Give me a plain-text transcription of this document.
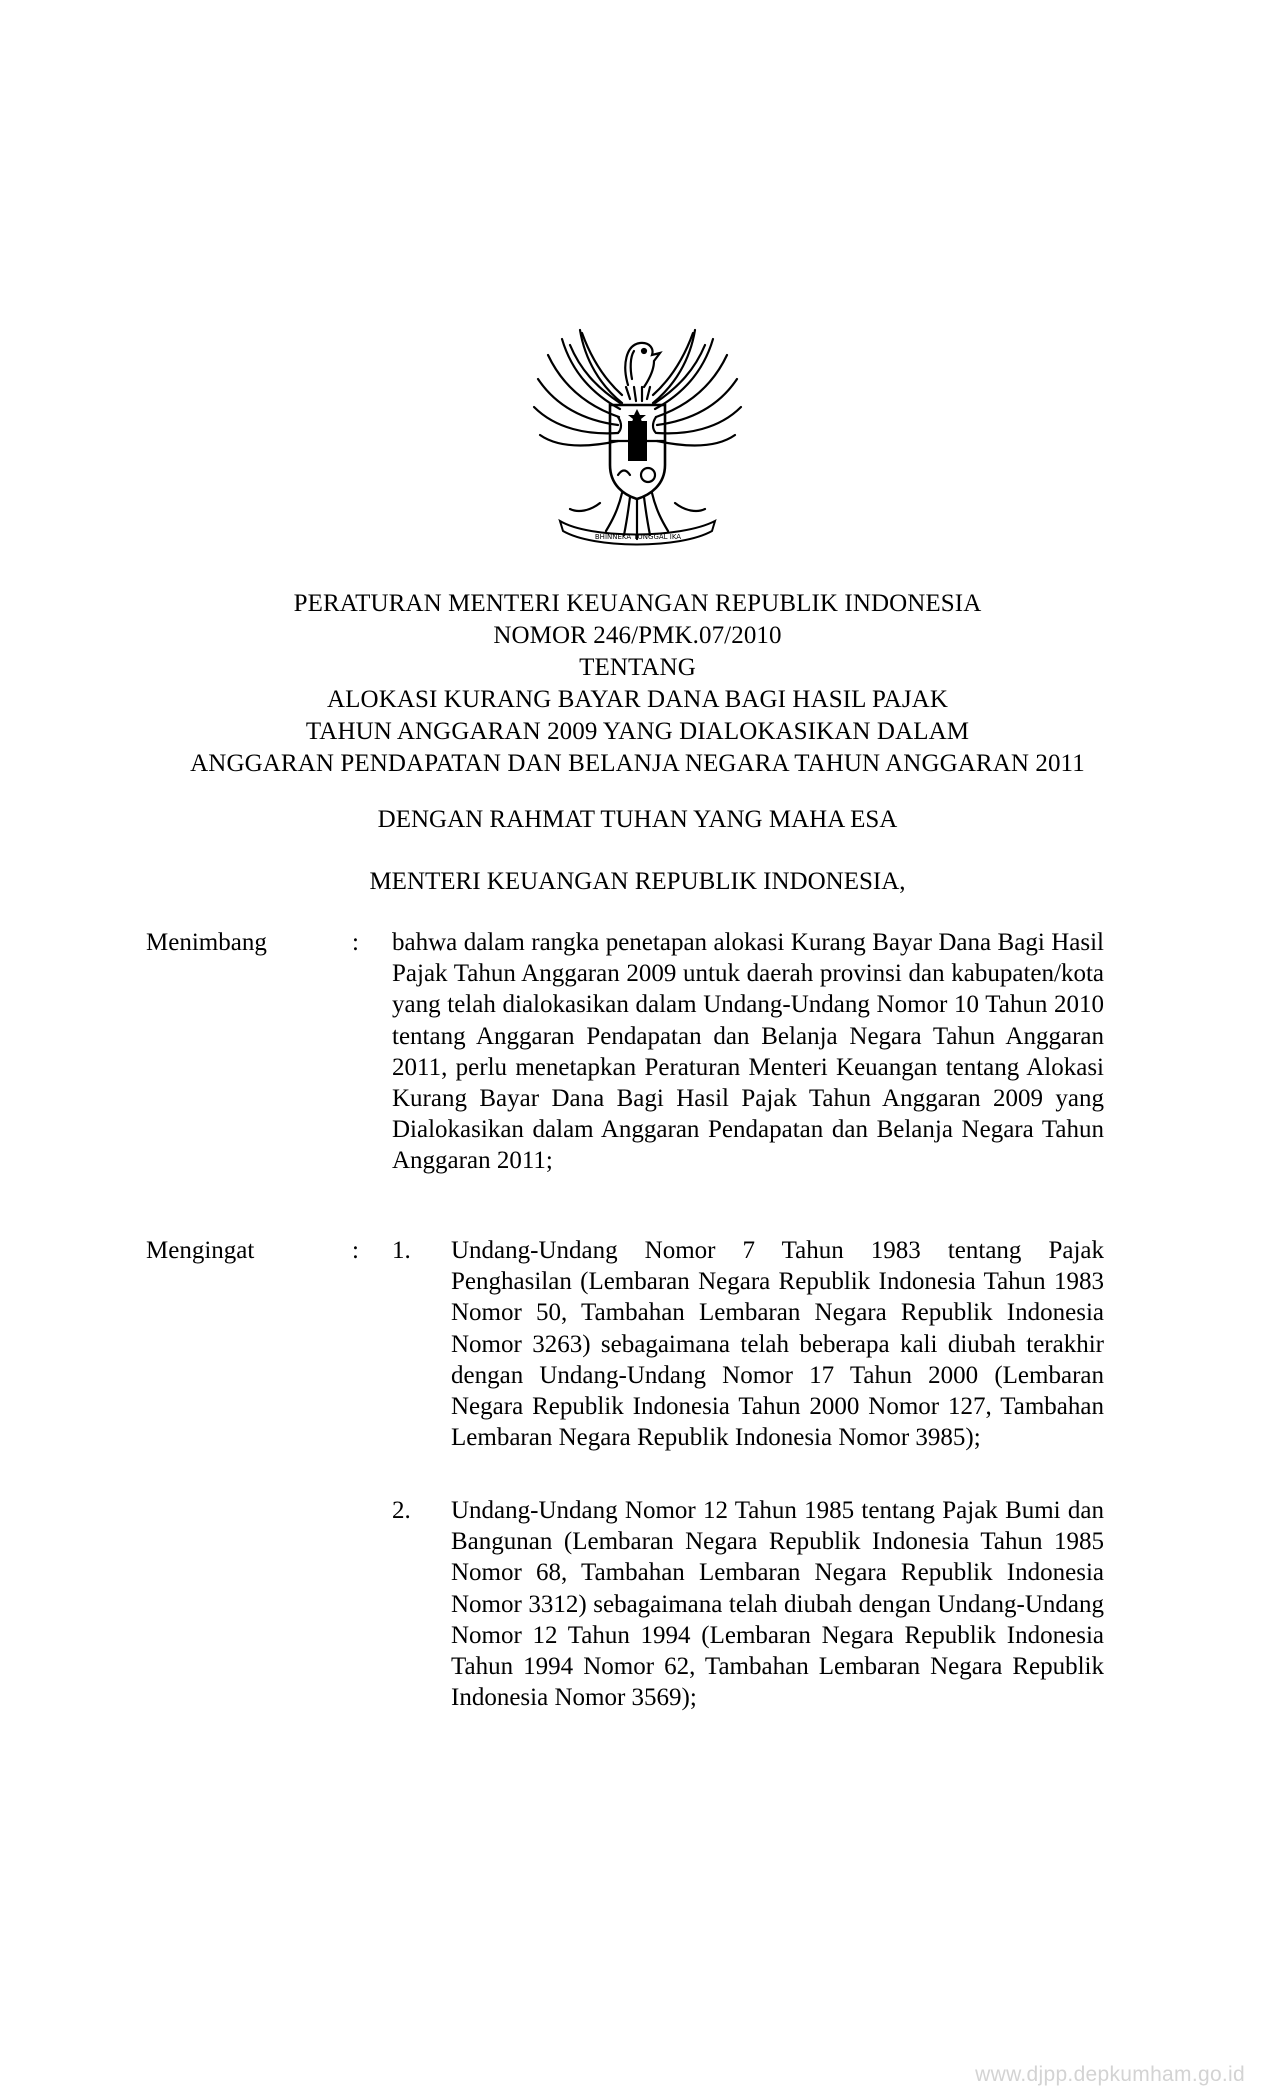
BHINNEKA TUNGGAL IKA
PERATURAN MENTERI KEUANGAN REPUBLIK INDONESIA
NOMOR 246/PMK.07/2010
TENTANG
ALOKASI KURANG BAYAR DANA BAGI HASIL PAJAK
TAHUN ANGGARAN 2009 YANG DIALOKASIKAN DALAM
ANGGARAN PENDAPATAN DAN BELANJA NEGARA TAHUN ANGGARAN 2011
DENGAN RAHMAT TUHAN YANG MAHA ESA
MENTERI KEUANGAN REPUBLIK INDONESIA,
Menimbang	: bahwa dalam rangka penetapan alokasi Kurang Bayar Dana Bagi Hasil Pajak Tahun Anggaran 2009 untuk daerah provinsi dan kabupaten/kota yang telah dialokasikan dalam Undang-Undang Nomor 10 Tahun 2010 tentang Anggaran Pendapatan dan Belanja Negara Tahun Anggaran 2011, perlu menetapkan Peraturan Menteri Keuangan tentang Alokasi Kurang Bayar Dana Bagi Hasil Pajak Tahun Anggaran 2009 yang Dialokasikan dalam Anggaran Pendapatan dan Belanja Negara Tahun Anggaran 2011;
Mengingat	: 1. Undang-Undang Nomor 7 Tahun 1983 tentang Pajak Penghasilan (Lembaran Negara Republik Indonesia Tahun 1983 Nomor 50, Tambahan Lembaran Negara Republik Indonesia Nomor 3263) sebagaimana telah beberapa kali diubah terakhir dengan Undang-Undang Nomor 17 Tahun 2000 (Lembaran Negara Republik Indonesia Tahun 2000 Nomor 127, Tambahan Lembaran Negara Republik Indonesia Nomor 3985);
2. Undang-Undang Nomor 12 Tahun 1985 tentang Pajak Bumi dan Bangunan (Lembaran Negara Republik Indonesia Tahun 1985 Nomor 68, Tambahan Lembaran Negara Republik Indonesia Nomor 3312) sebagaimana telah diubah dengan Undang-Undang Nomor 12 Tahun 1994 (Lembaran Negara Republik Indonesia Tahun 1994 Nomor 62, Tambahan Lembaran Negara Republik Indonesia Nomor 3569);
www.djpp.depkumham.go.id
